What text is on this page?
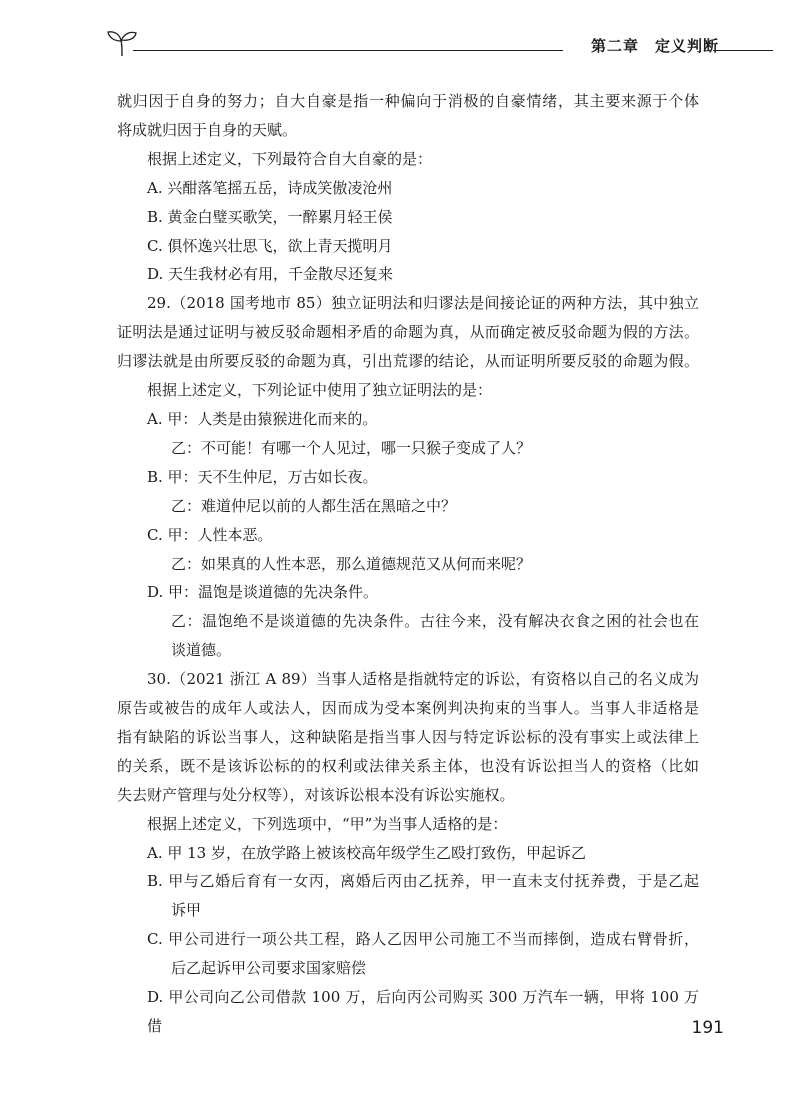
第二章　定义判断

就归因于自身的努力；自大自豪是指一种偏向于消极的自豪情绪，其主要来源于个体

将成就归因于自身的天赋。

根据上述定义，下列最符合自大自豪的是：

A. 兴酣落笔摇五岳，诗成笑傲凌沧州

B. 黄金白璧买歌笑，一醉累月轻王侯

C. 俱怀逸兴壮思飞，欲上青天揽明月

D. 天生我材必有用，千金散尽还复来

29.（2018 国考地市 85）独立证明法和归谬法是间接论证的两种方法，其中独立

证明法是通过证明与被反驳命题相矛盾的命题为真，从而确定被反驳命题为假的方法。

归谬法就是由所要反驳的命题为真，引出荒谬的结论，从而证明所要反驳的命题为假。

根据上述定义，下列论证中使用了独立证明法的是：

A. 甲：人类是由猿猴进化而来的。

乙：不可能！有哪一个人见过，哪一只猴子变成了人？

B. 甲：天不生仲尼，万古如长夜。

乙：难道仲尼以前的人都生活在黑暗之中？

C. 甲：人性本恶。

乙：如果真的人性本恶，那么道德规范又从何而来呢？

D. 甲：温饱是谈道德的先决条件。

乙：温饱绝不是谈道德的先决条件。古往今来，没有解决衣食之困的社会也在

谈道德。

30.（2021 浙江 A 89）当事人适格是指就特定的诉讼，有资格以自己的名义成为

原告或被告的成年人或法人，因而成为受本案例判决拘束的当事人。当事人非适格是

指有缺陷的诉讼当事人，这种缺陷是指当事人因与特定诉讼标的没有事实上或法律上

的关系，既不是该诉讼标的的权利或法律关系主体，也没有诉讼担当人的资格（比如

失去财产管理与处分权等），对该诉讼根本没有诉讼实施权。

根据上述定义，下列选项中，“甲”为当事人适格的是：

A. 甲 13 岁，在放学路上被该校高年级学生乙殴打致伤，甲起诉乙

B. 甲与乙婚后育有一女丙，离婚后丙由乙抚养，甲一直未支付抚养费，于是乙起

诉甲

C. 甲公司进行一项公共工程，路人乙因甲公司施工不当而摔倒，造成右臂骨折，

后乙起诉甲公司要求国家赔偿

D. 甲公司向乙公司借款 100 万，后向丙公司购买 300 万汽车一辆，甲将 100 万借	191
